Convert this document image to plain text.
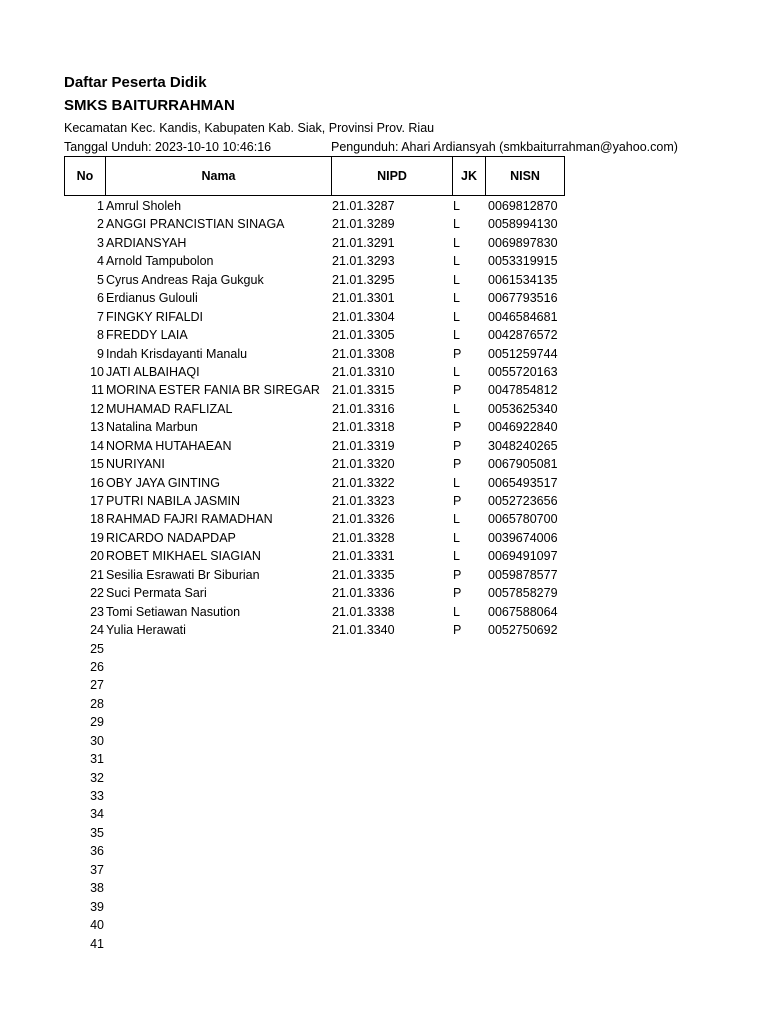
Daftar Peserta Didik
SMKS BAITURRAHMAN
Kecamatan Kec. Kandis, Kabupaten Kab. Siak, Provinsi Prov. Riau
Tanggal Unduh: 2023-10-10 10:46:16	Pengunduh: Ahari Ardiansyah (smkbaiturrahman@yahoo.com)
No	Nama	NIPD	JK	NISN
1 Amrul Sholeh	21.01.3287	L 0069812870
2 ANGGI PRANCISTIAN SINAGA	21.01.3289	L 0058994130
3 ARDIANSYAH	21.01.3291	L 0069897830
4 Arnold Tampubolon	21.01.3293	L 0053319915
5 Cyrus Andreas Raja Gukguk	21.01.3295	L 0061534135
6 Erdianus Gulouli	21.01.3301	L 0067793516
7 FINGKY RIFALDI	21.01.3304	L 0046584681
8 FREDDY LAIA	21.01.3305	L 0042876572
9 Indah Krisdayanti Manalu	21.01.3308	P 0051259744
10 JATI ALBAIHAQI	21.01.3310	L 0055720163
11 MORINA ESTER FANIA BR SIREGAR 21.01.3315	P 0047854812
12 MUHAMAD RAFLIZAL	21.01.3316	L 0053625340
13 Natalina Marbun	21.01.3318	P 0046922840
14 NORMA HUTAHAEAN	21.01.3319	P 3048240265
15 NURIYANI	21.01.3320	P 0067905081
16 OBY JAYA GINTING	21.01.3322	L 0065493517
17 PUTRI NABILA JASMIN	21.01.3323	P 0052723656
18 RAHMAD FAJRI RAMADHAN	21.01.3326	L 0065780700
19 RICARDO NADAPDAP	21.01.3328	L 0039674006
20 ROBET MIKHAEL SIAGIAN	21.01.3331	L 0069491097
21 Sesilia Esrawati Br Siburian	21.01.3335	P 0059878577
22 Suci Permata Sari	21.01.3336	P 0057858279
23 Tomi Setiawan Nasution	21.01.3338	L 0067588064
24 Yulia Herawati	21.01.3340	P 0052750692
25
26
27
28
29
30
31
32
33
34
35
36
37
38
39
40
41
